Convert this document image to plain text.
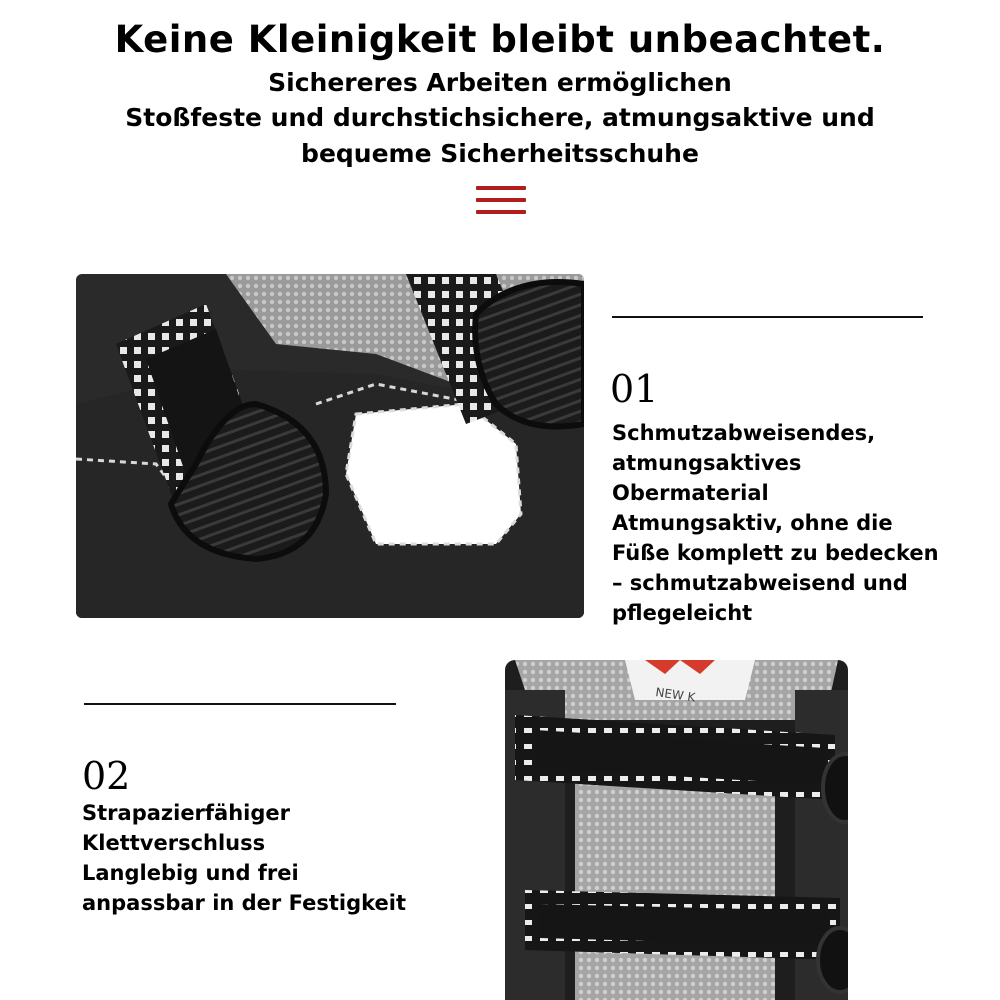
Keine Kleinigkeit bleibt unbeachtet.

Sichereres Arbeiten ermöglichen

Stoßfeste und durchstichsichere, atmungsaktive und

bequeme Sicherheitsschuhe

01
Schmutzabweisendes,
atmungsaktives
Obermaterial
Atmungsaktiv, ohne die
Füße komplett zu bedecken
– schmutzabweisend und
pflegeleicht
02
Strapazierfähiger
Klettverschluss
Langlebig und frei
anpassbar in der Festigkeit
NEW K
